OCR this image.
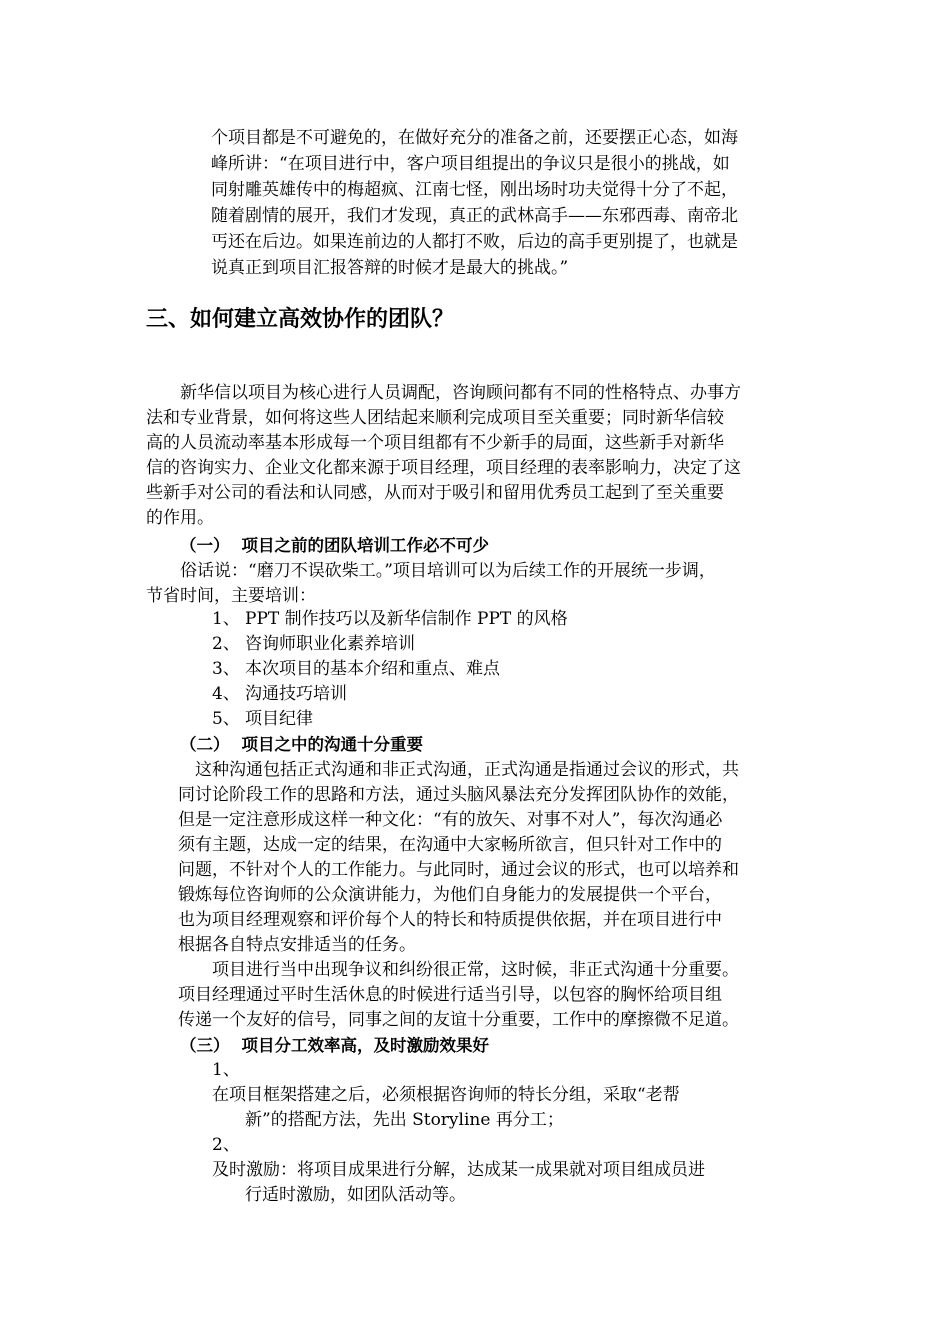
个项目都是不可避免的，在做好充分的准备之前，还要摆正心态，如海
峰所讲：“在项目进行中，客户项目组提出的争议只是很小的挑战，如
同射雕英雄传中的梅超疯、江南七怪，刚出场时功夫觉得十分了不起，
随着剧情的展开，我们才发现，真正的武林高手——东邪西毒、南帝北
丐还在后边。如果连前边的人都打不败，后边的高手更别提了，也就是
说真正到项目汇报答辩的时候才是最大的挑战。”

三、如何建立高效协作的团队？

新华信以项目为核心进行人员调配，咨询顾问都有不同的性格特点、办事方
法和专业背景，如何将这些人团结起来顺利完成项目至关重要；同时新华信较
高的人员流动率基本形成每一个项目组都有不少新手的局面，这些新手对新华
信的咨询实力、企业文化都来源于项目经理，项目经理的表率影响力，决定了这
些新手对公司的看法和认同感，从而对于吸引和留用优秀员工起到了至关重要
的作用。

（一） 项目之前的团队培训工作必不可少

俗话说：“磨刀不误砍柴工。”项目培训可以为后续工作的开展统一步调，
节省时间，主要培训：

1、 PPT 制作技巧以及新华信制作 PPT 的风格
2、 咨询师职业化素养培训
3、 本次项目的基本介绍和重点、难点
4、 沟通技巧培训
5、 项目纪律

（二） 项目之中的沟通十分重要

这种沟通包括正式沟通和非正式沟通，正式沟通是指通过会议的形式，共
同讨论阶段工作的思路和方法，通过头脑风暴法充分发挥团队协作的效能，
但是一定注意形成这样一种文化：“有的放矢、对事不对人”，每次沟通必
须有主题，达成一定的结果，在沟通中大家畅所欲言，但只针对工作中的
问题，不针对个人的工作能力。与此同时，通过会议的形式，也可以培养和
锻炼每位咨询师的公众演讲能力，为他们自身能力的发展提供一个平台，
也为项目经理观察和评价每个人的特长和特质提供依据，并在项目进行中
根据各自特点安排适当的任务。

项目进行当中出现争议和纠纷很正常，这时候，非正式沟通十分重要。
项目经理通过平时生活休息的时候进行适当引导，以包容的胸怀给项目组
传递一个友好的信号，同事之间的友谊十分重要，工作中的摩擦微不足道。

（三） 项目分工效率高，及时激励效果好

1、
在项目框架搭建之后，必须根据咨询师的特长分组，采取“老帮
新”的搭配方法，先出 Storyline 再分工；
2、
及时激励：将项目成果进行分解，达成某一成果就对项目组成员进
行适时激励，如团队活动等。
